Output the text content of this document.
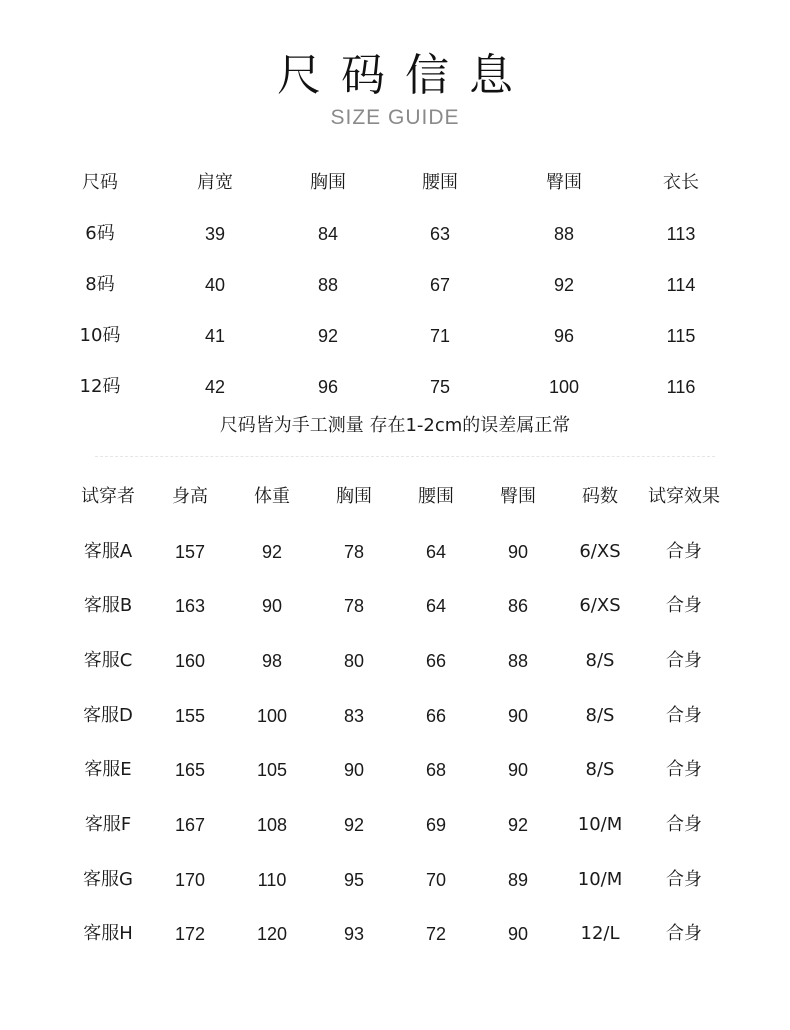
尺码信息
SIZE GUIDE
尺码	肩宽	胸围	腰围	臀围	衣长
6码	39	84	63	88	113
8码	40	88	67	92	114
10码	41	92	71	96	115
12码	42	96	75	100	116
尺码皆为手工测量 存在1-2cm的误差属正常
试穿者 身高	体重	胸围	腰围	臀围	码数 试穿效果
客服A 157	92	78	64	90	6/XS	合身
客服B 163	90	78	64	86	6/XS	合身
客服C 160	98	80	66	88	8/S	合身
客服D 155	100	83	66	90	8/S	合身
客服E 165	105	90	68	90	8/S	合身
客服F 167	108	92	69	92	10/M 合身
客服G 170	110	95	70	89	10/M 合身
客服H 172	120	93	72	90	12/L	合身
